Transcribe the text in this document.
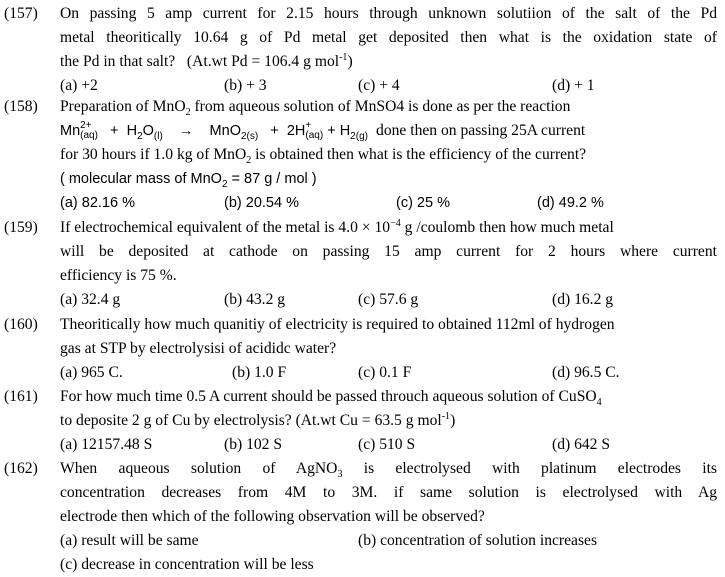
(157) On passing 5 amp current for 2.15 hours through unknown solutiion of the salt of the Pd
metal theoritically 10.64 g of Pd metal get deposited then what is the oxidation state of
the Pd in that salt? (At.wt Pd = 106.4 g mol$^{-1}$)
(a) +2	(b) + 3	(c) + 4	(d) + 1
(158) Preparation of MnO$_2$ from aqueous solution of MnSO4 is done as per the reaction
Mn 2+
$(aq) + H_2O_{(l)} \to MnO_{2(s)} + 2H$ +
$(aq) + H_{2(g)}$ done then on passing 25A current
for 30 hours if 1.0 kg of MnO$_2$ is obtained then what is the efficiency of the current?
( molecular mass of MnO$_2$ = 87 g / mol )
(a) 82.16 %	(b) 20.54 %	(c) 25 %	(d) 49.2 %
(159) If electrochemical equivalent of the metal is $4.0 \times 10^{-4}$ g /coulomb then how much metal
will be deposited at cathode on passing 15 amp current for 2 hours where current
efficiency is 75 %.
(a) 32.4 g	(b) 43.2 g	(c) 57.6 g	(d) 16.2 g
(160) Theoritically how much quanitiy of electricity is required to obtained 112ml of hydrogen
gas at STP by electrolysisi of acididc water?
(a) 965 C.	(b) 1.0 F	(c) 0.1 F	(d) 96.5 C.
(161) For how much time 0.5 A current should be passed throuch aqueous solution of CuSO$_4$
to deposite 2 g of Cu by electrolysis? (At.wt Cu = 63.5 g mol$^{-1}$)
(a) 12157.48 S	(b) 102 S	(c) 510 S	(d) 642 S
(162) When aqueous solution of AgNO$_3$ is electrolysed with platinum electrodes its
concentration decreases from 4M to 3M. if same solution is electrolysed with Ag
electrode then which of the following observation will be observed?
(a) result will be same	(b) concentration of solution increases
(c) decrease in concentration will be less
